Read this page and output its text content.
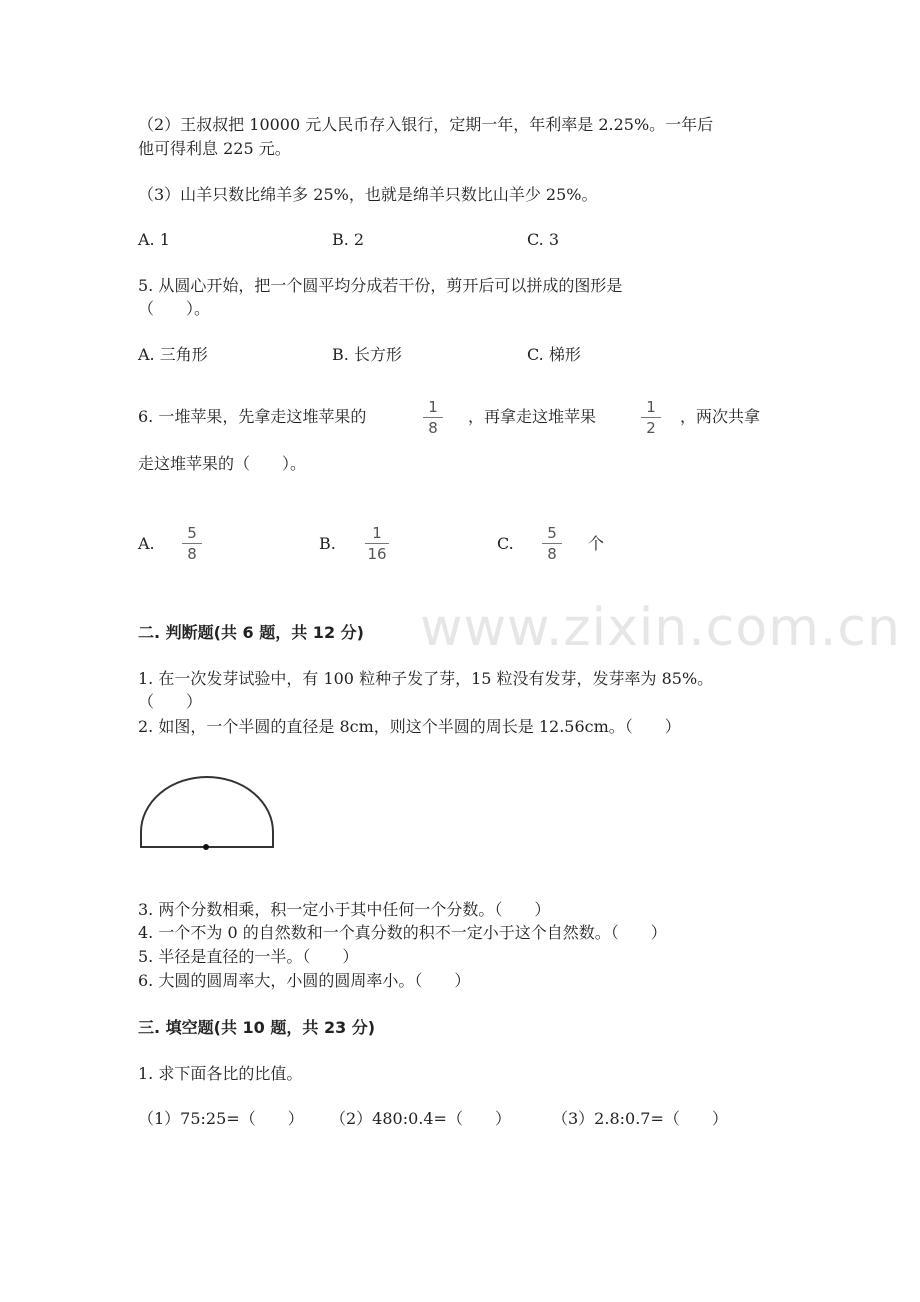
www.zixin.com.cn
（2）王叔叔把 10000 元人民币存入银行，定期一年，年利率是 2.25%。一年后
他可得利息 225 元。
（3）山羊只数比绵羊多 25%，也就是绵羊只数比山羊少 25%。
A. 1	B. 2	C. 3
5. 从圆心开始，把一个圆平均分成若干份，剪开后可以拼成的图形是
（　　）。
A. 三角形	B. 长方形	C. 梯形
6. 一堆苹果，先拿走这堆苹果的	1
8
，再拿走这堆苹果	1
2
，两次共拿
走这堆苹果的（　　）。
A.
5
8
B.
1
16
C.
5
8
个
二. 判断题(共 6 题，共 12 分)
1. 在一次发芽试验中，有 100 粒种子发了芽，15 粒没有发芽，发芽率为 85%。
（　　）
2. 如图，一个半圆的直径是 8cm，则这个半圆的周长是 12.56cm。（　　）
3. 两个分数相乘，积一定小于其中任何一个分数。（　　）
4. 一个不为 0 的自然数和一个真分数的积不一定小于这个自然数。（　　）
5. 半径是直径的一半。（　　）
6. 大圆的圆周率大，小圆的圆周率小。（　　）
三. 填空题(共 10 题，共 23 分)
1. 求下面各比的比值。
（1）75:25=（　　） （2）480:0.4=（　　）	（3）2.8:0.7=（　　）
